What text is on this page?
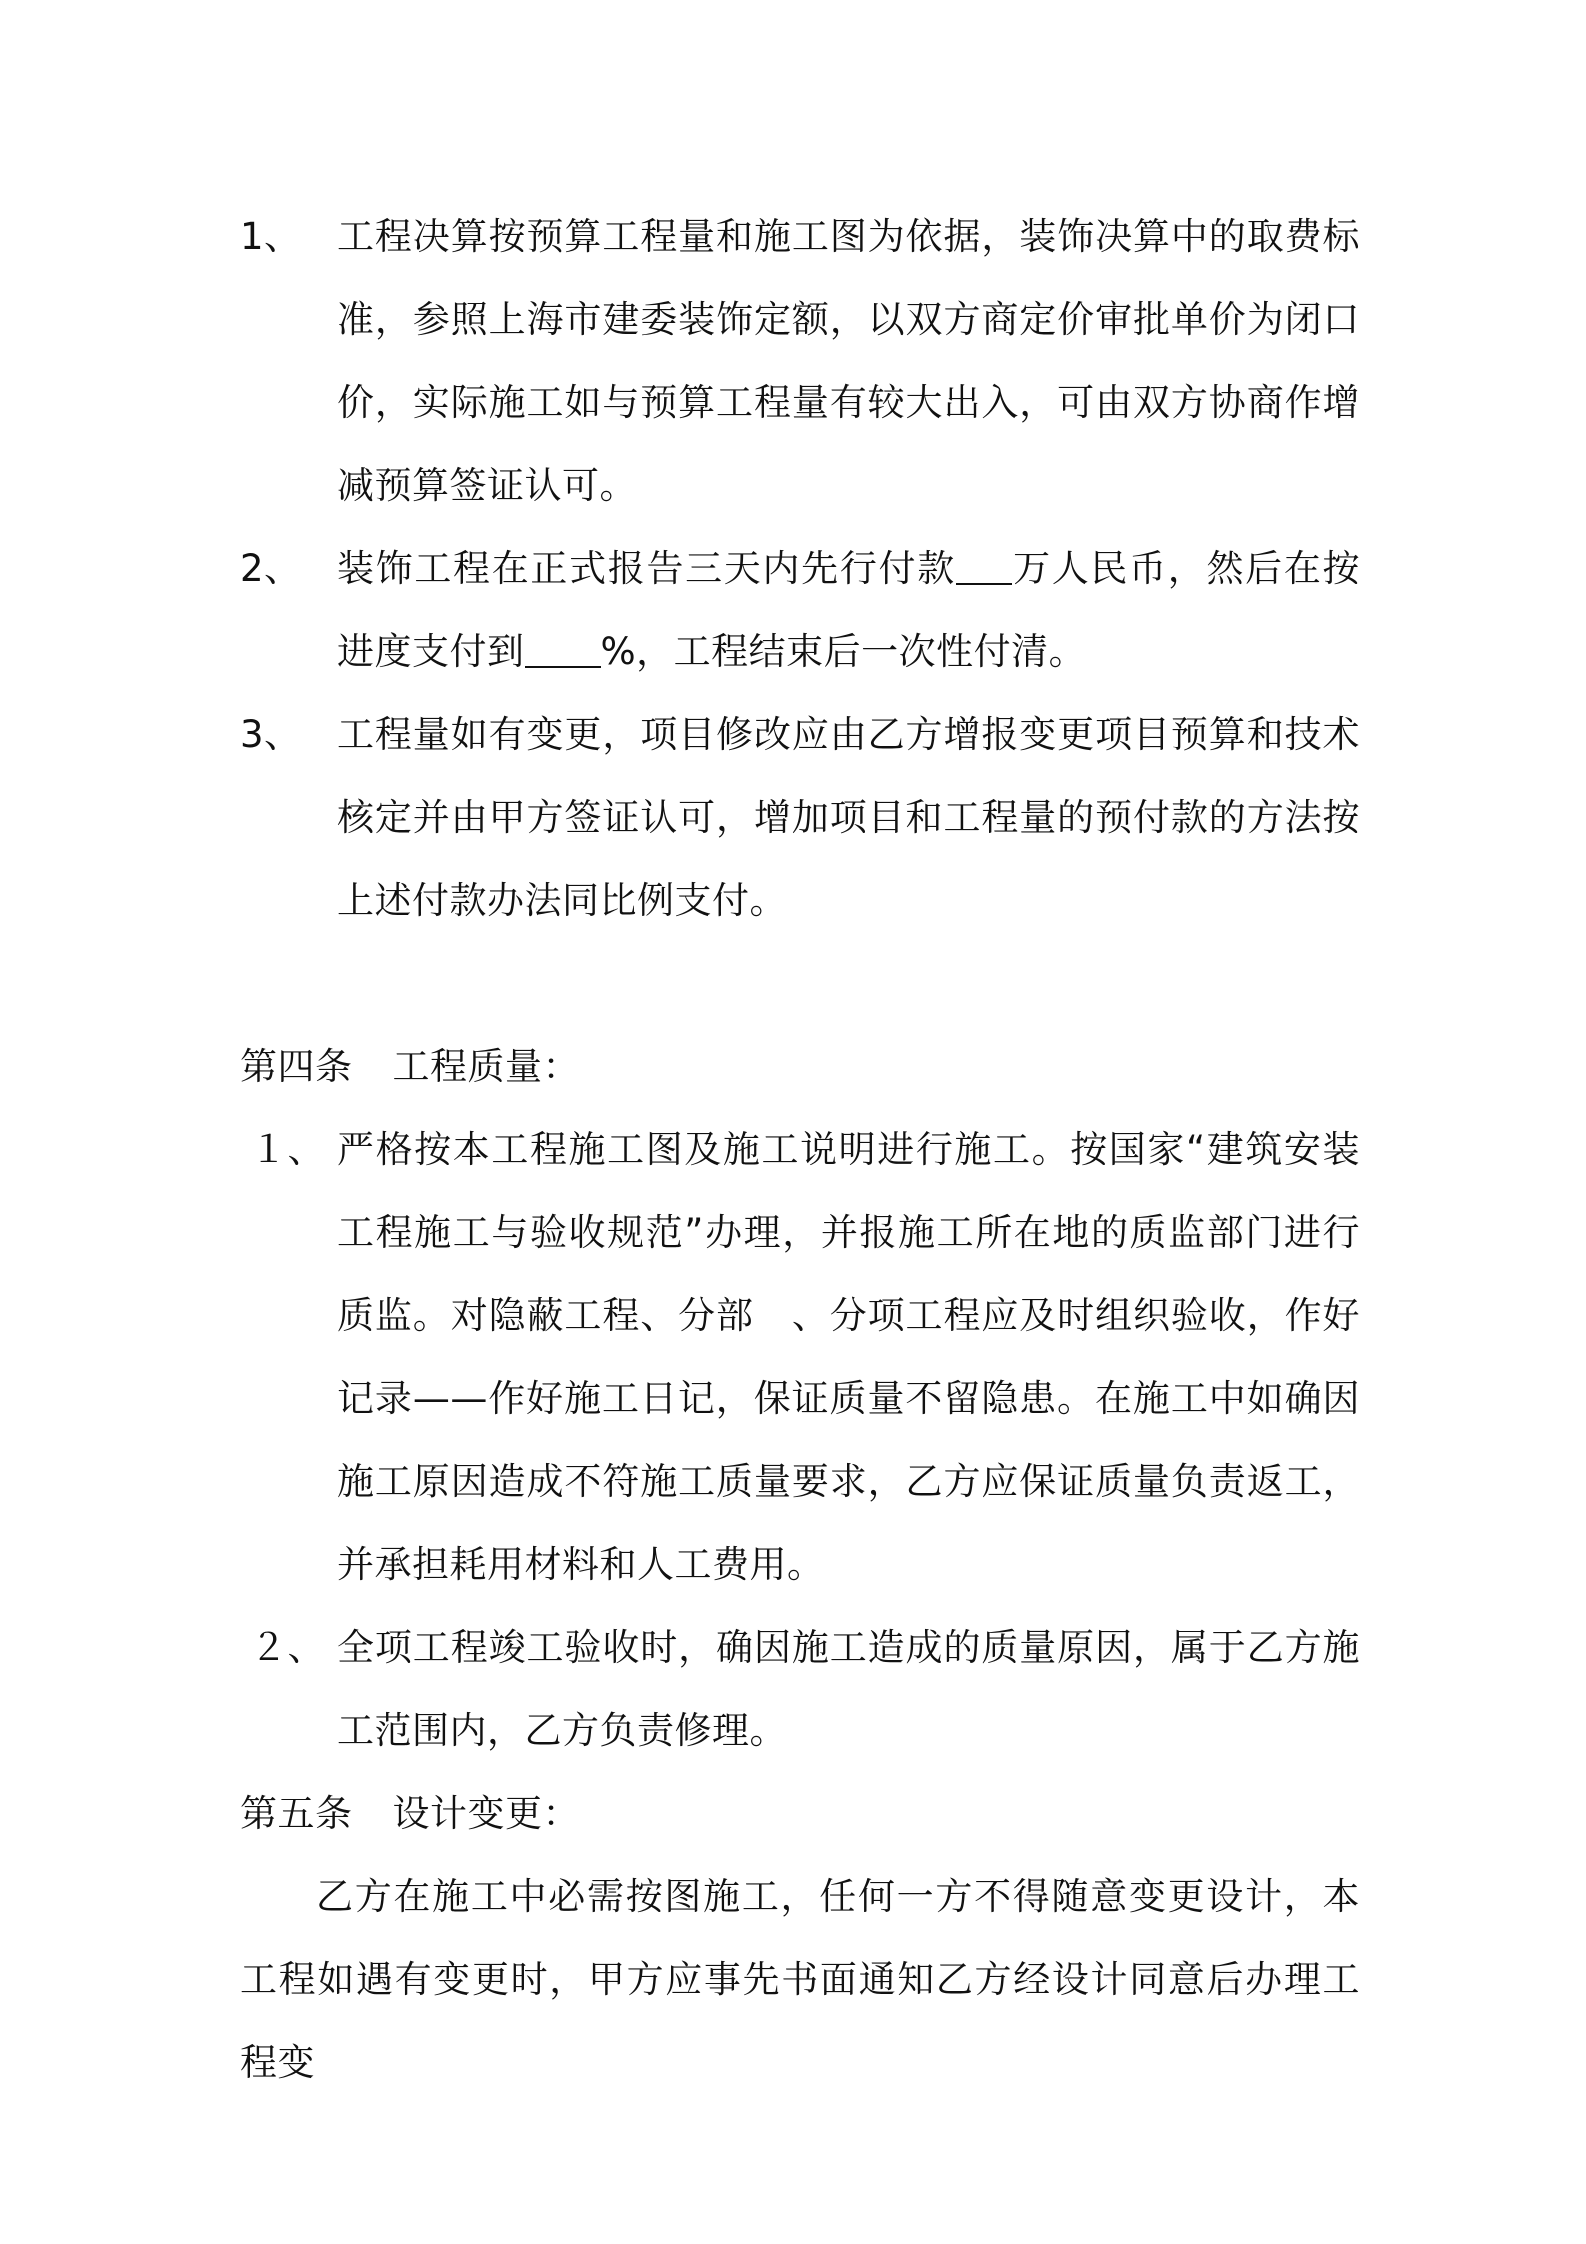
1、 工程决算按预算工程量和施工图为依据，装饰决算中的取费标准，参照上海市建委装饰定额，以双方商定价审批单价为闭口价，实际施工如与预算工程量有较大出入，可由双方协商作增减预算签证认可。
2、 装饰工程在正式报告三天内先行付款 万人民币，然后在按进度支付到 %，工程结束后一次性付清。
3、 工程量如有变更，项目修改应由乙方增报变更项目预算和技术核定并由甲方签证认可，增加项目和工程量的预付款的方法按上述付款办法同比例支付。
第四条 工程质量：
１、 严格按本工程施工图及施工说明进行施工。按国家“建筑安装工程施工与验收规范”办理，并报施工所在地的质监部门进行质监。对隐蔽工程、分部　、分项工程应及时组织验收，作好记录——作好施工日记，保证质量不留隐患。在施工中如确因施工原因造成不符施工质量要求，乙方应保证质量负责返工，并承担耗用材料和人工费用。
２、 全项工程竣工验收时，确因施工造成的质量原因，属于乙方施工范围内，乙方负责修理。
第五条 设计变更：
乙方在施工中必需按图施工，任何一方不得随意变更设计，本工程如遇有变更时，甲方应事先书面通知乙方经设计同意后办理工程变
